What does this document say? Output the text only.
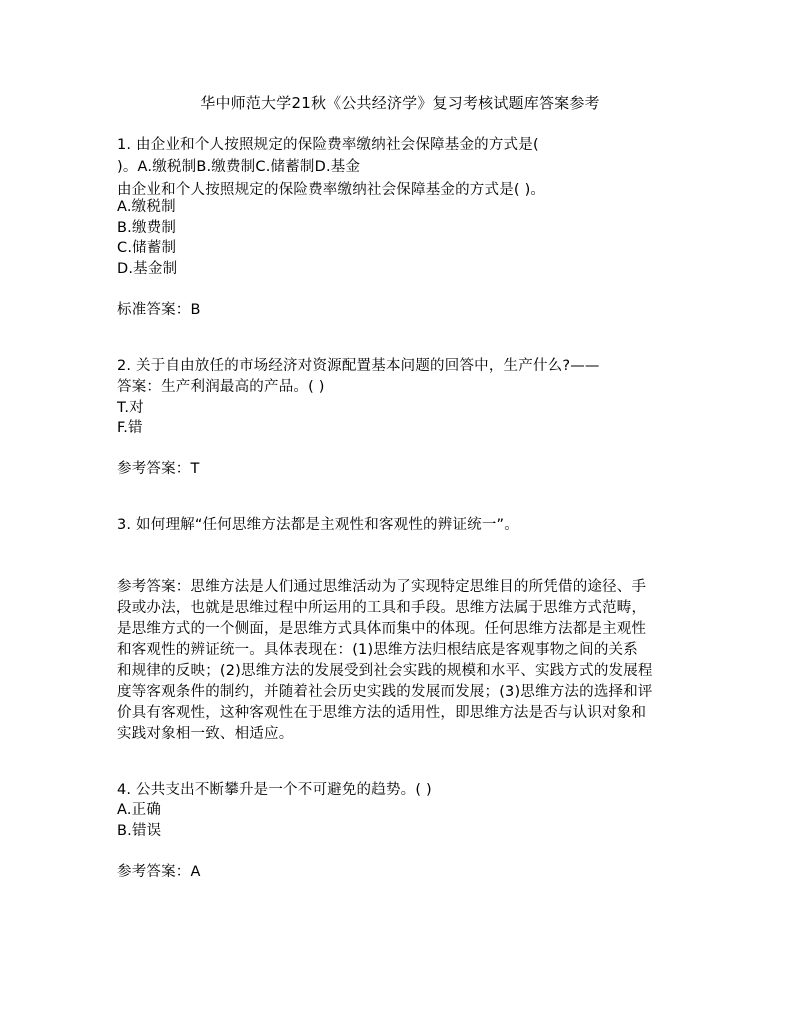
华中师范大学21秋《公共经济学》复习考核试题库答案参考
1. 由企业和个人按照规定的保险费率缴纳社会保障基金的方式是(
)。A.缴税制B.缴费制C.储蓄制D.基金
由企业和个人按照规定的保险费率缴纳社会保障基金的方式是( )。
A.缴税制
B.缴费制
C.储蓄制
D.基金制
标准答案：B
2. 关于自由放任的市场经济对资源配置基本问题的回答中，生产什么?——
答案：生产利润最高的产品。( )
T.对
F.错
参考答案：T
3. 如何理解“任何思维方法都是主观性和客观性的辨证统一”。
参考答案：思维方法是人们通过思维活动为了实现特定思维目的所凭借的途径、手
段或办法，也就是思维过程中所运用的工具和手段。思维方法属于思维方式范畴，
是思维方式的一个侧面，是思维方式具体而集中的体现。任何思维方法都是主观性
和客观性的辨证统一。具体表现在：(1)思维方法归根结底是客观事物之间的关系
和规律的反映；(2)思维方法的发展受到社会实践的规模和水平、实践方式的发展程
度等客观条件的制约，并随着社会历史实践的发展而发展；(3)思维方法的选择和评
价具有客观性，这种客观性在于思维方法的适用性，即思维方法是否与认识对象和
实践对象相一致、相适应。
4. 公共支出不断攀升是一个不可避免的趋势。( )
A.正确
B.错误
参考答案：A
